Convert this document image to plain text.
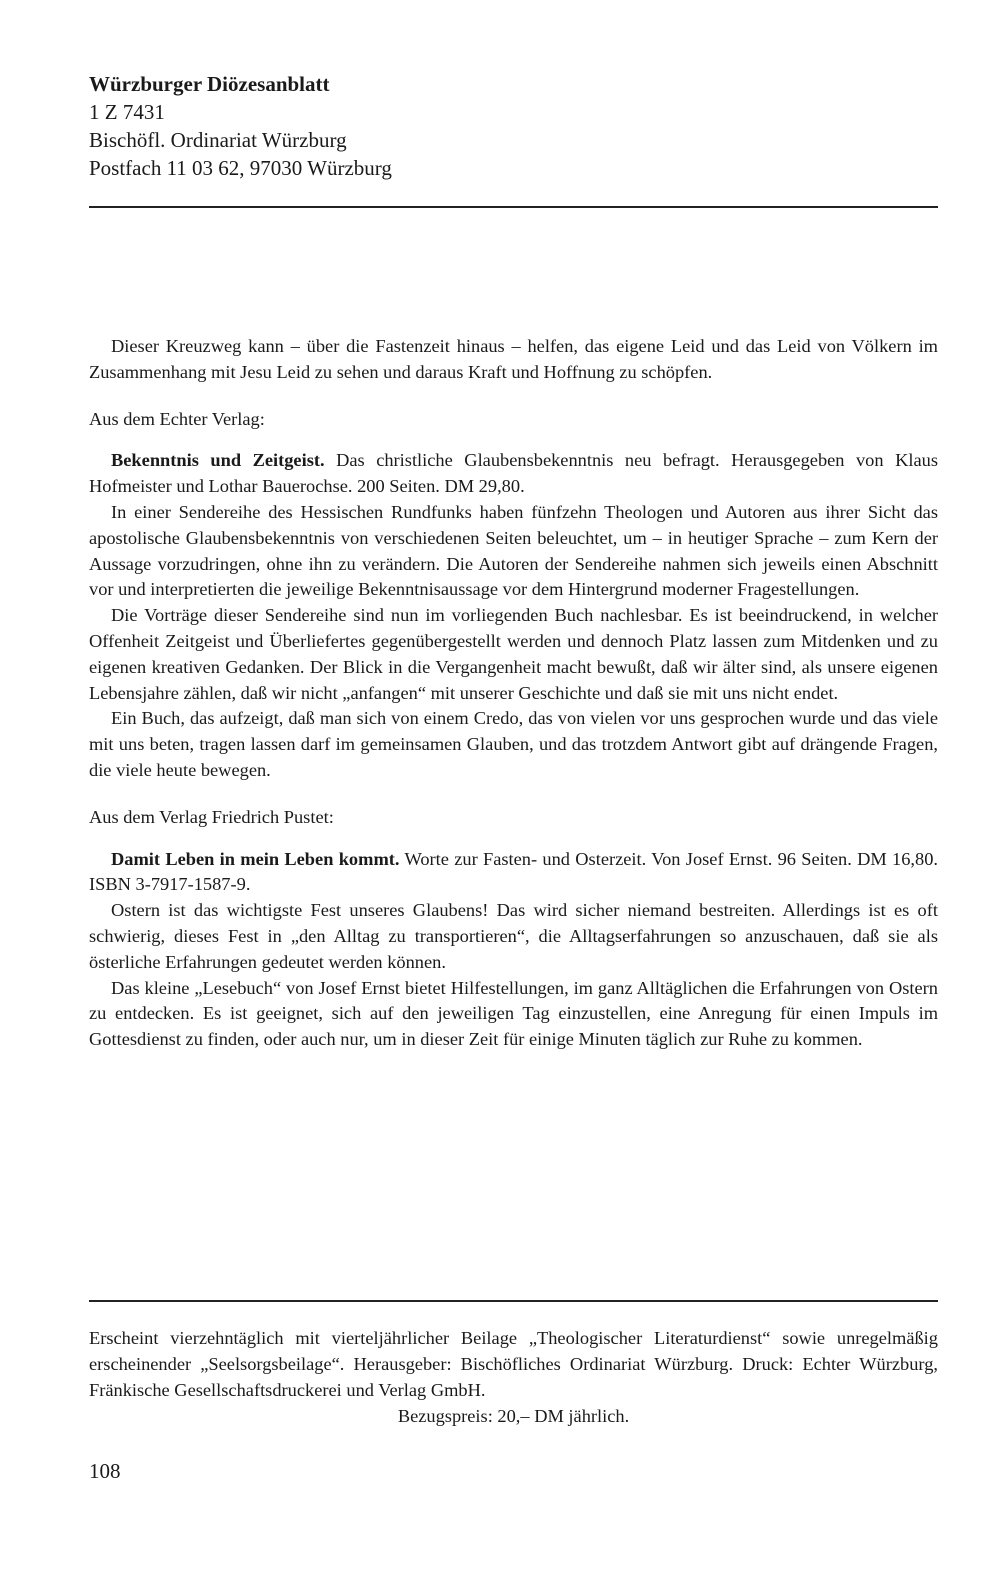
Würzburger Diözesanblatt
1 Z 7431
Bischöfl. Ordinariat Würzburg
Postfach 11 03 62, 97030 Würzburg

Dieser Kreuzweg kann – über die Fastenzeit hinaus – helfen, das eigene Leid und das Leid von Völkern im Zusammenhang mit Jesu Leid zu sehen und daraus Kraft und Hoffnung zu schöpfen.

Aus dem Echter Verlag:

Bekenntnis und Zeitgeist. Das christliche Glaubensbekenntnis neu befragt. Herausgegeben von Klaus Hofmeister und Lothar Bauerochse. 200 Seiten. DM 29,80.

In einer Sendereihe des Hessischen Rundfunks haben fünfzehn Theologen und Autoren aus ihrer Sicht das apostolische Glaubensbekenntnis von verschiedenen Seiten beleuchtet, um – in heutiger Sprache – zum Kern der Aussage vorzudringen, ohne ihn zu verändern. Die Autoren der Sendereihe nahmen sich jeweils einen Abschnitt vor und interpretierten die jeweilige Bekenntnisaussage vor dem Hintergrund moderner Fragestellungen.

Die Vorträge dieser Sendereihe sind nun im vorliegenden Buch nachlesbar. Es ist beeindruckend, in welcher Offenheit Zeitgeist und Überliefertes gegenübergestellt werden und dennoch Platz lassen zum Mitdenken und zu eigenen kreativen Gedanken. Der Blick in die Vergangenheit macht bewußt, daß wir älter sind, als unsere eigenen Lebensjahre zählen, daß wir nicht „anfangen“ mit unserer Geschichte und daß sie mit uns nicht endet.

Ein Buch, das aufzeigt, daß man sich von einem Credo, das von vielen vor uns gesprochen wurde und das viele mit uns beten, tragen lassen darf im gemeinsamen Glauben, und das trotzdem Antwort gibt auf drängende Fragen, die viele heute bewegen.

Aus dem Verlag Friedrich Pustet:

Damit Leben in mein Leben kommt. Worte zur Fasten- und Osterzeit. Von Josef Ernst. 96 Seiten. DM 16,80. ISBN 3-7917-1587-9.

Ostern ist das wichtigste Fest unseres Glaubens! Das wird sicher niemand bestreiten. Allerdings ist es oft schwierig, dieses Fest in „den Alltag zu transportieren“, die Alltagserfahrungen so anzuschauen, daß sie als österliche Erfahrungen gedeutet werden können.

Das kleine „Lesebuch“ von Josef Ernst bietet Hilfestellungen, im ganz Alltäglichen die Erfahrungen von Ostern zu entdecken. Es ist geeignet, sich auf den jeweiligen Tag einzustellen, eine Anregung für einen Impuls im Gottesdienst zu finden, oder auch nur, um in dieser Zeit für einige Minuten täglich zur Ruhe zu kommen.

Erscheint vierzehntäglich mit vierteljährlicher Beilage „Theologischer Literaturdienst“ sowie unregelmäßig erscheinender „Seelsorgsbeilage“. Herausgeber: Bischöfliches Ordinariat Würzburg. Druck: Echter Würzburg, Fränkische Gesellschaftsdruckerei und Verlag GmbH.

Bezugspreis: 20,– DM jährlich.

108
